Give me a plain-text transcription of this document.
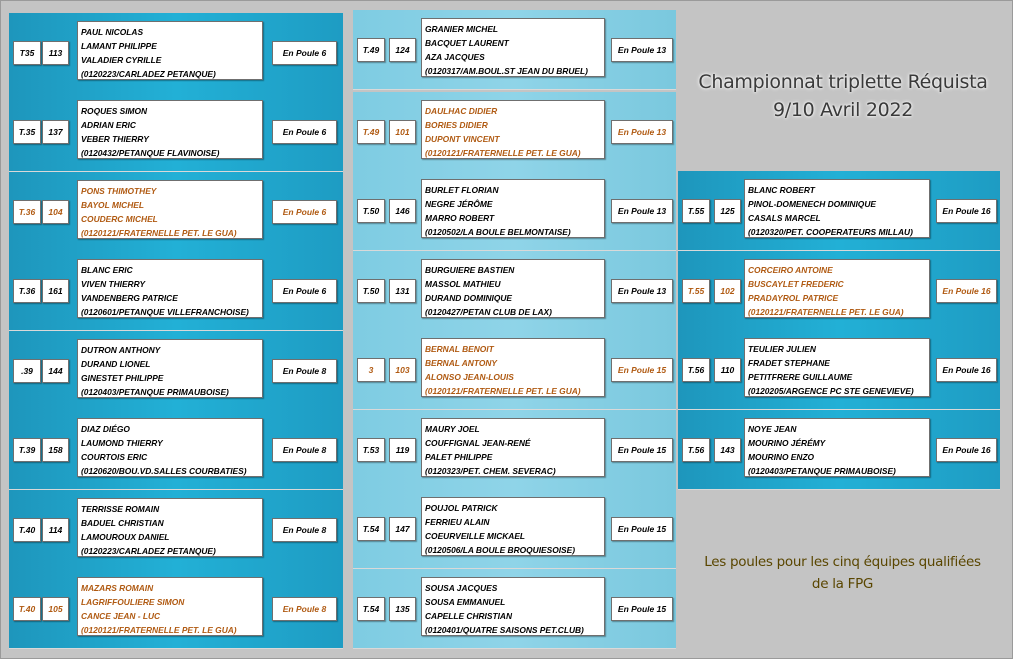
T35	113
PAUL NICOLAS
LAMANT PHILIPPE
VALADIER CYRILLE
(0120223/CARLADEZ PETANQUE)
En Poule 6
T.35	137
ROQUES SIMON
ADRIAN ERIC
VEBER THIERRY
(0120432/PETANQUE FLAVINOISE)
En Poule 6
T.36	104
PONS THIMOTHEY
BAYOL MICHEL
COUDERC MICHEL
(0120121/FRATERNELLE PET. LE GUA)
En Poule 6
T.36	161
BLANC ERIC
VIVEN THIERRY
VANDENBERG PATRICE
(0120601/PETANQUE VILLEFRANCHOISE)
En Poule 6
.39	144
DUTRON ANTHONY
DURAND LIONEL
GINESTET PHILIPPE
(0120403/PETANQUE PRIMAUBOISE)
En Poule 8
T.39	158
DIAZ DIÉGO
LAUMOND THIERRY
COURTOIS ERIC
(0120620/BOU.VD.SALLES COURBATIES)
En Poule 8
T.40	114
TERRISSE ROMAIN
BADUEL CHRISTIAN
LAMOUROUX DANIEL
(0120223/CARLADEZ PETANQUE)
En Poule 8
T.40	105
MAZARS ROMAIN
LAGRIFFOULIERE SIMON
CANCE JEAN - LUC
(0120121/FRATERNELLE PET. LE GUA)
En Poule 8
T.49	124
GRANIER MICHEL
BACQUET LAURENT
AZA JACQUES
(0120317/AM.BOUL.ST JEAN DU BRUEL)
En Poule 13
T.49	101
DAULHAC DIDIER
BORIES DIDIER
DUPONT VINCENT
(0120121/FRATERNELLE PET. LE GUA)
En Poule 13
T.50	146
BURLET FLORIAN
NEGRE JÉRÔME
MARRO ROBERT
(0120502/LA BOULE BELMONTAISE)
En Poule 13
T.50	131
BURGUIERE BASTIEN
MASSOL MATHIEU
DURAND DOMINIQUE
(0120427/PETAN CLUB DE LAX)
En Poule 13
3	103
BERNAL BENOIT
BERNAL ANTONY
ALONSO JEAN-LOUIS
(0120121/FRATERNELLE PET. LE GUA)
En Poule 15
T.53	119
MAURY JOEL
COUFFIGNAL JEAN-RENÉ
PALET PHILIPPE
(0120323/PET. CHEM. SEVERAC)
En Poule 15
T.54	147
POUJOL PATRICK
FERRIEU ALAIN
COEURVEILLE MICKAEL
(0120506/LA BOULE BROQUIESOISE)
En Poule 15
T.54	135
SOUSA JACQUES
SOUSA EMMANUEL
CAPELLE CHRISTIAN
(0120401/QUATRE SAISONS PET.CLUB)
En Poule 15
T.55	125
BLANC ROBERT
PINOL-DOMENECH DOMINIQUE
CASALS MARCEL
(0120320/PET. COOPERATEURS MILLAU)
En Poule 16
T.55	102
CORCEIRO ANTOINE
BUSCAYLET FREDERIC
PRADAYROL PATRICE
(0120121/FRATERNELLE PET. LE GUA)
En Poule 16
T.56	110
TEULIER JULIEN
FRADET STEPHANE
PETITFRERE GUILLAUME
(0120205/ARGENCE PC STE GENEVIEVE)
En Poule 16
T.56	143
NOYE JEAN
MOURINO JÉRÉMY
MOURINO ENZO
(0120403/PETANQUE PRIMAUBOISE)
En Poule 16
Championnat triplette Réquista
9/10 Avril 2022
Les poules pour les cinq équipes qualifiées
de la FPG
